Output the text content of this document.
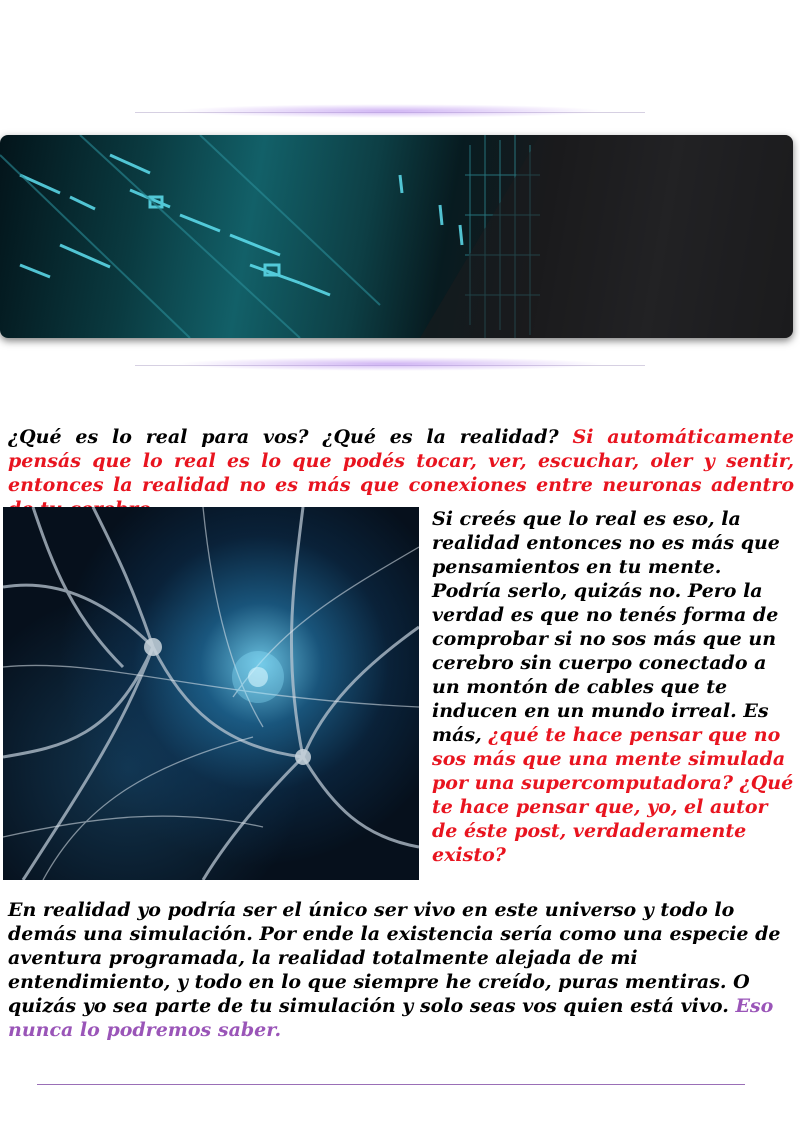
¿Qué es lo real para vos? ¿Qué es la realidad? Si automáticamente pensás que lo real es lo que podés tocar, ver, escuchar, oler y sentir, entonces la realidad no es más que conexiones entre neuronas adentro

Si creés que lo real es eso, la realidad entonces no es más que pensamientos en tu mente. Podría serlo, quizás no. Pero la verdad es que no tenés forma de comprobar si no sos más que un cerebro sin cuerpo conectado a un montón de cables que te inducen en un mundo irreal. Es más, ¿qué te hace pensar que no sos más que una mente simulada por una supercomputadora? ¿Qué te hace pensar que, yo, el autor de éste post, verdaderamente existo?

En realidad yo podría ser el único ser vivo en este universo y todo lo demás una simulación. Por ende la existencia sería como una especie de aventura programada, la realidad totalmente alejada de mi entendimiento, y todo en lo que siempre he creído, puras mentiras. O quizás yo sea parte de tu simulación y solo seas vos quien está vivo. Eso nunca lo podremos saber.
